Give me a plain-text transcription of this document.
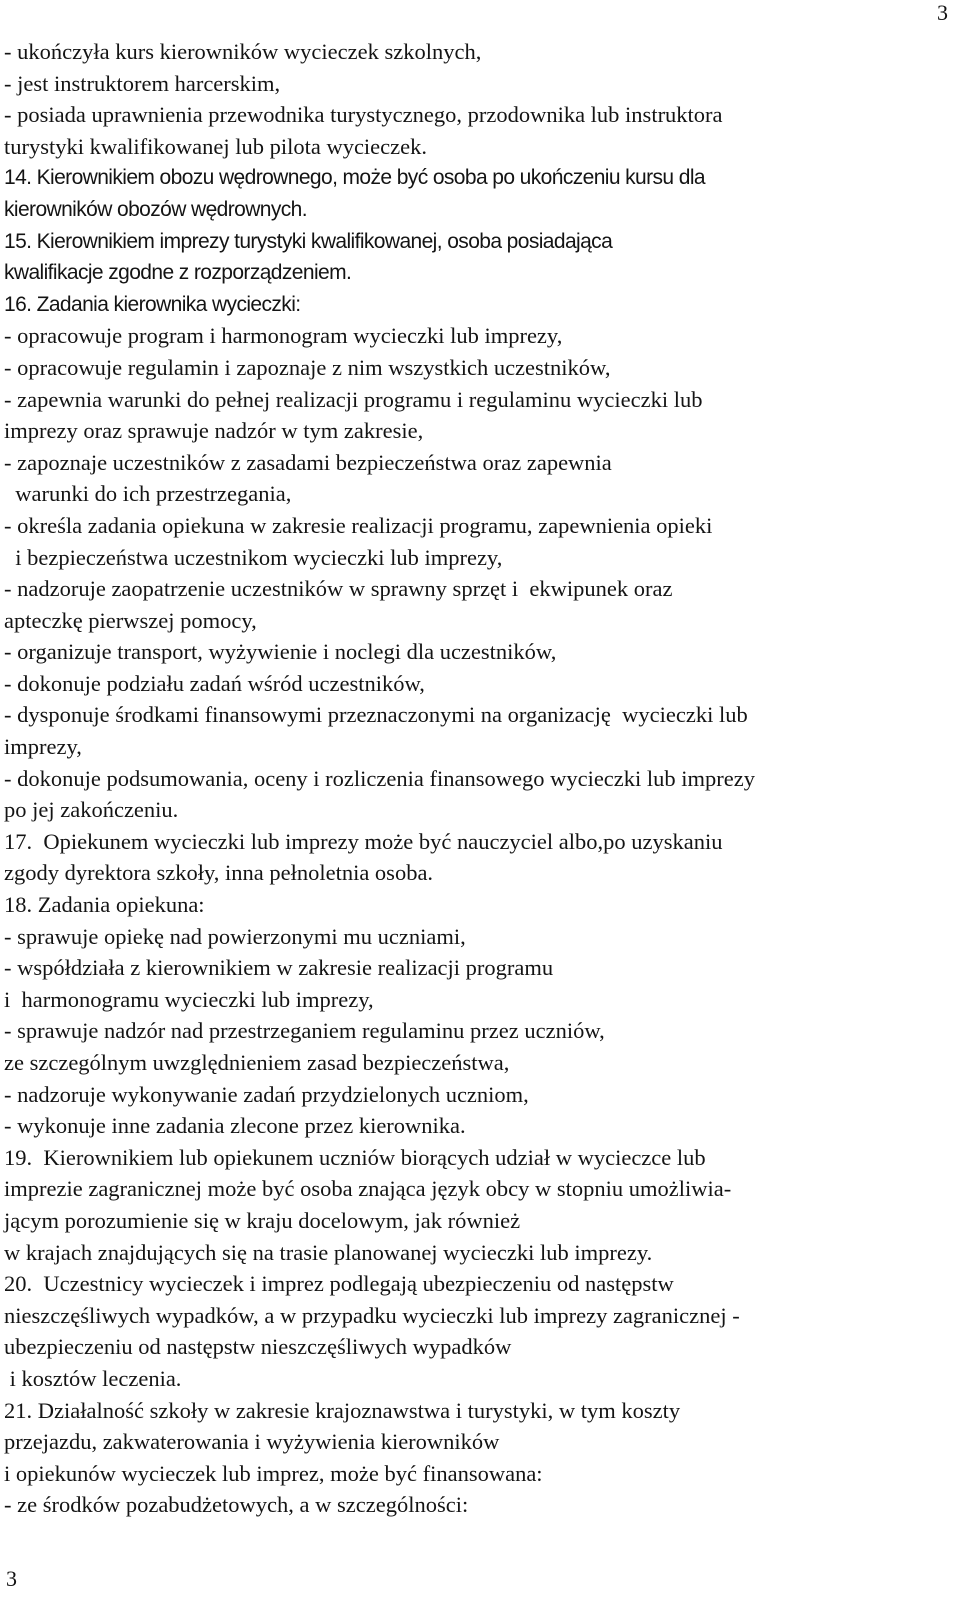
3

- ukończyła kurs kierowników wycieczek szkolnych,

- jest instruktorem harcerskim,

- posiada uprawnienia przewodnika turystycznego, przodownika lub instruktora

turystyki kwalifikowanej lub pilota wycieczek.

14. Kierownikiem obozu wędrownego, może być osoba po ukończeniu kursu dla

kierowników obozów wędrownych.

15. Kierownikiem imprezy turystyki kwalifikowanej, osoba posiadająca

kwalifikacje zgodne z rozporządzeniem.

16. Zadania kierownika wycieczki:

- opracowuje program i harmonogram wycieczki lub imprezy,

- opracowuje regulamin i zapoznaje z nim wszystkich uczestników,

- zapewnia warunki do pełnej realizacji programu i regulaminu wycieczki lub

imprezy oraz sprawuje nadzór w tym zakresie,

- zapoznaje uczestników z zasadami bezpieczeństwa oraz zapewnia

warunki do ich przestrzegania,

- określa zadania opiekuna w zakresie realizacji programu, zapewnienia opieki

i bezpieczeństwa uczestnikom wycieczki lub imprezy,

- nadzoruje zaopatrzenie uczestników w sprawny sprzęt i  ekwipunek oraz

apteczkę pierwszej pomocy,

- organizuje transport, wyżywienie i noclegi dla uczestników,

- dokonuje podziału zadań wśród uczestników,

- dysponuje środkami finansowymi przeznaczonymi na organizację  wycieczki lub

imprezy,

- dokonuje podsumowania, oceny i rozliczenia finansowego wycieczki lub imprezy

po jej zakończeniu.

17.  Opiekunem wycieczki lub imprezy może być nauczyciel albo,po uzyskaniu

zgody dyrektora szkoły, inna pełnoletnia osoba.

18. Zadania opiekuna:

- sprawuje opiekę nad powierzonymi mu uczniami,

- współdziała z kierownikiem w zakresie realizacji programu

i  harmonogramu wycieczki lub imprezy,

- sprawuje nadzór nad przestrzeganiem regulaminu przez uczniów,

ze szczególnym uwzględnieniem zasad bezpieczeństwa,

- nadzoruje wykonywanie zadań przydzielonych uczniom,

- wykonuje inne zadania zlecone przez kierownika.

19.  Kierownikiem lub opiekunem uczniów biorących udział w wycieczce lub

imprezie zagranicznej może być osoba znająca język obcy w stopniu umożliwia-

jącym porozumienie się w kraju docelowym, jak również

w krajach znajdujących się na trasie planowanej wycieczki lub imprezy.

20.  Uczestnicy wycieczek i imprez podlegają ubezpieczeniu od następstw

nieszczęśliwych wypadków, a w przypadku wycieczki lub imprezy zagranicznej -

ubezpieczeniu od następstw nieszczęśliwych wypadków

i kosztów leczenia.

21. Działalność szkoły w zakresie krajoznawstwa i turystyki, w tym koszty

przejazdu, zakwaterowania i wyżywienia kierowników

i opiekunów wycieczek lub imprez, może być finansowana:

- ze środków pozabudżetowych, a w szczególności:

3
